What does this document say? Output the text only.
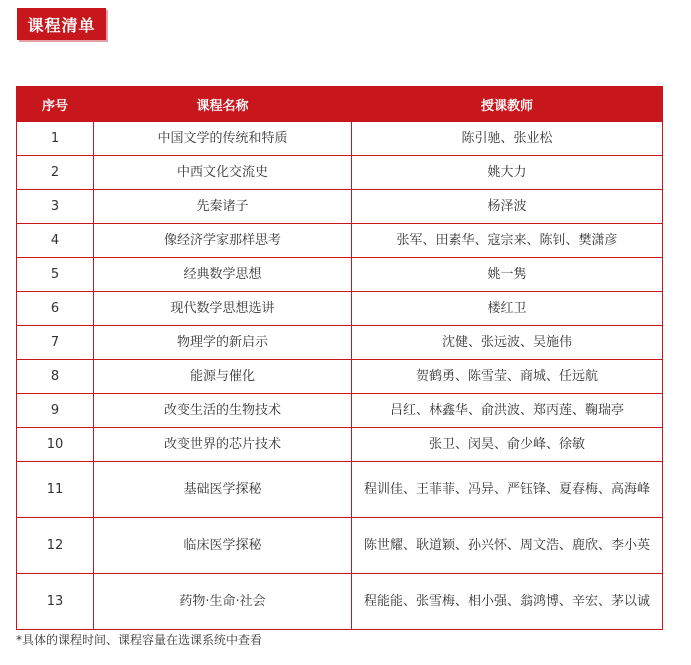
课程清单
序号	课程名称	授课教师
1	中国文学的传统和特质	陈引驰、张业松
2	中西文化交流史	姚大力
3	先秦诸子	杨泽波
4	像经济学家那样思考	张军、田素华、寇宗来、陈钊、樊潇彦
5	经典数学思想	姚一隽
6	现代数学思想选讲	楼红卫
7	物理学的新启示	沈健、张远波、吴施伟
8	能源与催化	贺鹤勇、陈雪莹、商城、任远航
9	改变生活的生物技术	吕红、林鑫华、俞洪波、郑丙莲、鞠瑞亭
10	改变世界的芯片技术	张卫、闵昊、俞少峰、徐敏
11	基础医学探秘	程训佳、王菲菲、冯异、严钰锋、夏春梅、高海峰
12	临床医学探秘	陈世耀、耿道颖、孙兴怀、周文浩、鹿欣、李小英
13	药物·生命·社会	程能能、张雪梅、相小强、翁鸿博、辛宏、茅以诚
*具体的课程时间、课程容量在选课系统中查看
